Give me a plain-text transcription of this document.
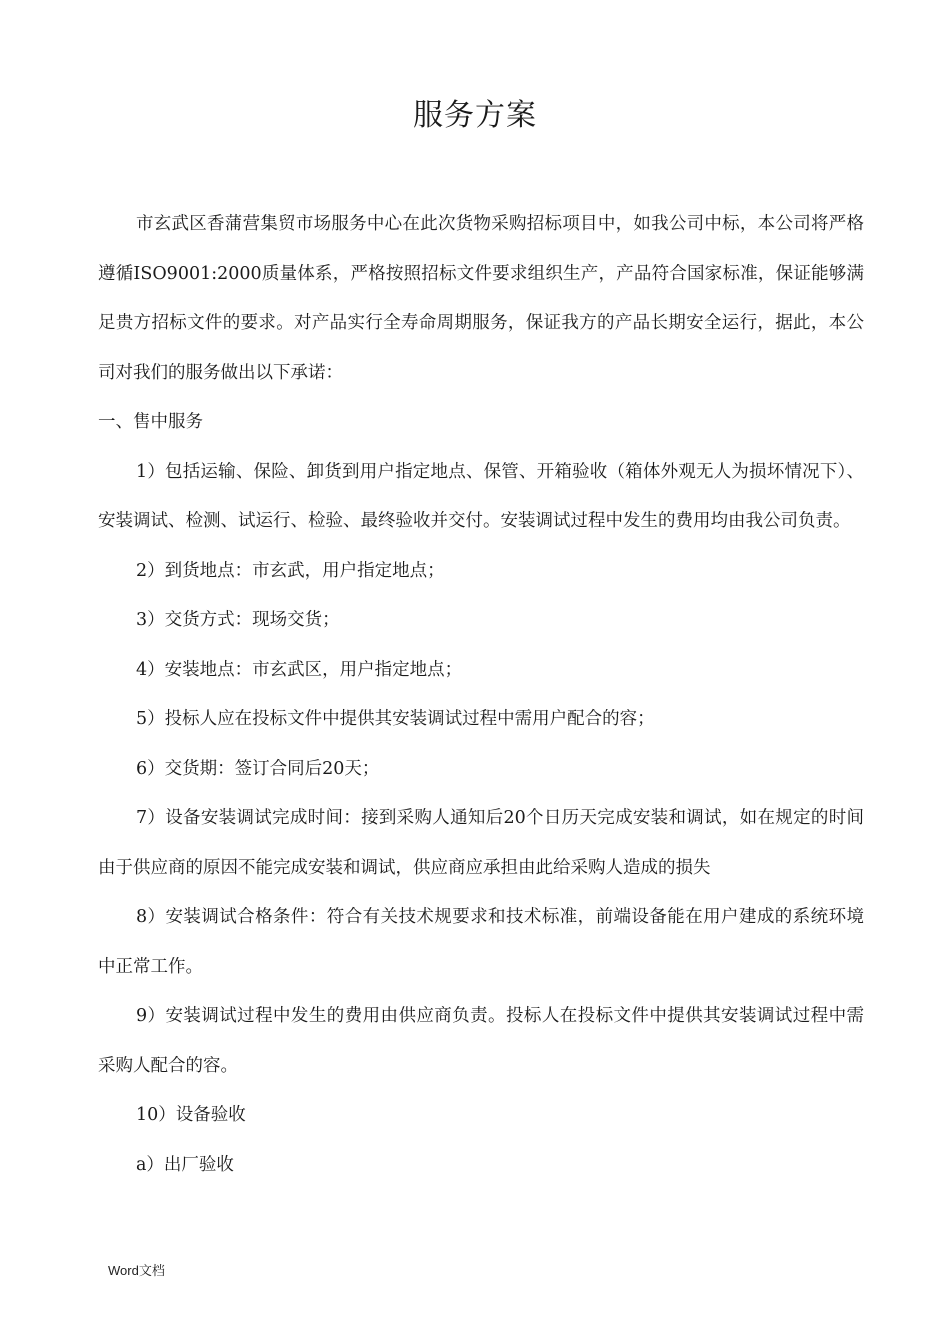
服务方案

市玄武区香蒲营集贸市场服务中心在此次货物采购招标项目中，如我公司中标，本公司将严格遵循ISO9001:2000质量体系，严格按照招标文件要求组织生产，产品符合国家标准，保证能够满足贵方招标文件的要求。对产品实行全寿命周期服务，保证我方的产品长期安全运行，据此，本公司对我们的服务做出以下承诺：

一、售中服务

1）包括运输、保险、卸货到用户指定地点、保管、开箱验收（箱体外观无人为损坏情况下）、安装调试、检测、试运行、检验、最终验收并交付。安装调试过程中发生的费用均由我公司负责。

2）到货地点：市玄武，用户指定地点；

3）交货方式：现场交货；

4）安装地点：市玄武区，用户指定地点；

5）投标人应在投标文件中提供其安装调试过程中需用户配合的容；

6）交货期：签订合同后20天；

7）设备安装调试完成时间：接到采购人通知后20个日历天完成安装和调试，如在规定的时间由于供应商的原因不能完成安装和调试，供应商应承担由此给采购人造成的损失

8）安装调试合格条件：符合有关技术规要求和技术标准，前端设备能在用户建成的系统环境中正常工作。

9）安装调试过程中发生的费用由供应商负责。投标人在投标文件中提供其安装调试过程中需采购人配合的容。

10）设备验收

a）出厂验收

Word文档
